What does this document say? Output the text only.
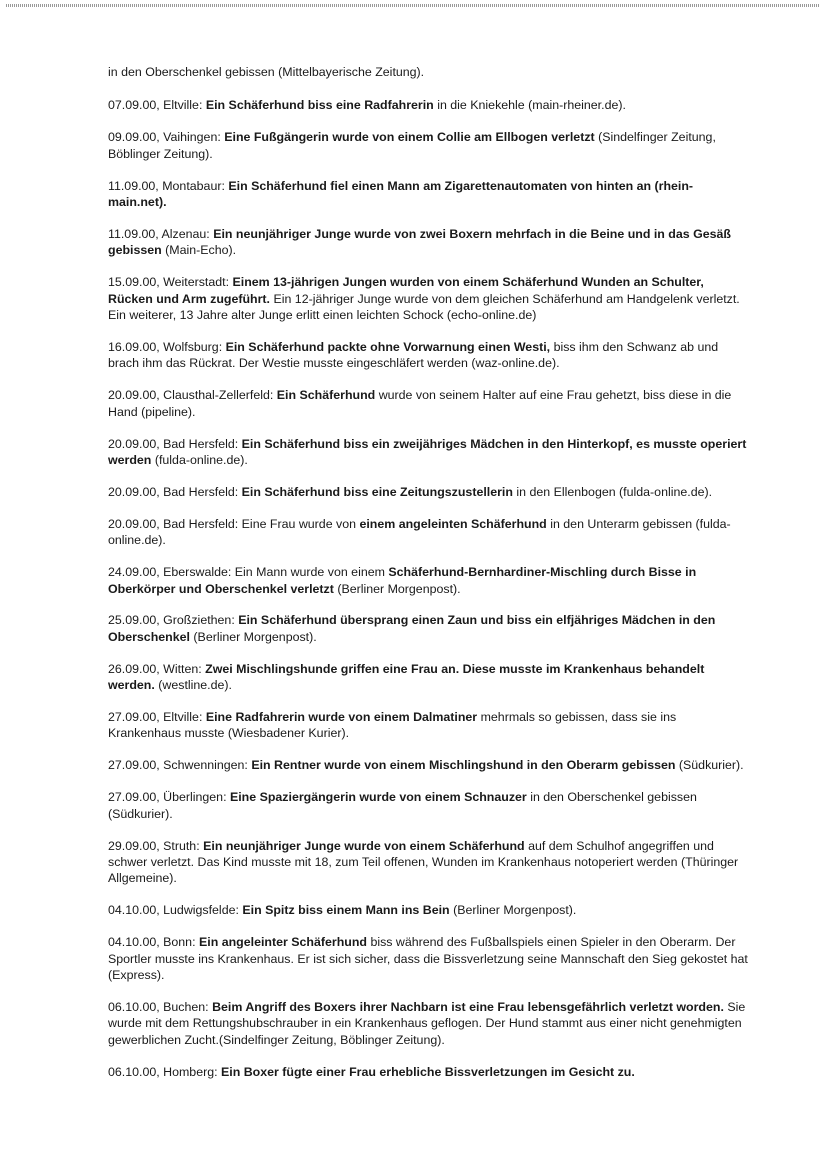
in den Oberschenkel gebissen (Mittelbayerische Zeitung).

07.09.00, Eltville: Ein Schäferhund biss eine Radfahrerin in die Kniekehle (main-rheiner.de).

09.09.00, Vaihingen: Eine Fußgängerin wurde von einem Collie am Ellbogen verletzt (Sindelfinger Zeitung, Böblinger Zeitung).

11.09.00, Montabaur: Ein Schäferhund fiel einen Mann am Zigarettenautomaten von hinten an (rhein-main.net).

11.09.00, Alzenau: Ein neunjähriger Junge wurde von zwei Boxern mehrfach in die Beine und in das Gesäß gebissen (Main-Echo).

15.09.00, Weiterstadt: Einem 13-jährigen Jungen wurden von einem Schäferhund Wunden an Schulter, Rücken und Arm zugeführt. Ein 12-jähriger Junge wurde von dem gleichen Schäferhund am Handgelenk verletzt. Ein weiterer, 13 Jahre alter Junge erlitt einen leichten Schock (echo-online.de)

16.09.00, Wolfsburg: Ein Schäferhund packte ohne Vorwarnung einen Westi, biss ihm den Schwanz ab und brach ihm das Rückrat. Der Westie musste eingeschläfert werden (waz-online.de).

20.09.00, Clausthal-Zellerfeld: Ein Schäferhund wurde von seinem Halter auf eine Frau gehetzt, biss diese in die Hand (pipeline).

20.09.00, Bad Hersfeld: Ein Schäferhund biss ein zweijähriges Mädchen in den Hinterkopf, es musste operiert werden (fulda-online.de).

20.09.00, Bad Hersfeld: Ein Schäferhund biss eine Zeitungszustellerin in den Ellenbogen (fulda-online.de).

20.09.00, Bad Hersfeld: Eine Frau wurde von einem angeleinten Schäferhund in den Unterarm gebissen (fulda-online.de).

24.09.00, Eberswalde: Ein Mann wurde von einem Schäferhund-Bernhardiner-Mischling durch Bisse in Oberkörper und Oberschenkel verletzt (Berliner Morgenpost).

25.09.00, Großziethen: Ein Schäferhund übersprang einen Zaun und biss ein elfjähriges Mädchen in den Oberschenkel (Berliner Morgenpost).

26.09.00, Witten: Zwei Mischlingshunde griffen eine Frau an. Diese musste im Krankenhaus behandelt werden. (westline.de).

27.09.00, Eltville: Eine Radfahrerin wurde von einem Dalmatiner mehrmals so gebissen, dass sie ins Krankenhaus musste (Wiesbadener Kurier).

27.09.00, Schwenningen: Ein Rentner wurde von einem Mischlingshund in den Oberarm gebissen (Südkurier).

27.09.00, Überlingen: Eine Spaziergängerin wurde von einem Schnauzer in den Oberschenkel gebissen (Südkurier).

29.09.00, Struth: Ein neunjähriger Junge wurde von einem Schäferhund auf dem Schulhof angegriffen und schwer verletzt. Das Kind musste mit 18, zum Teil offenen, Wunden im Krankenhaus notoperiert werden (Thüringer Allgemeine).

04.10.00, Ludwigsfelde: Ein Spitz biss einem Mann ins Bein (Berliner Morgenpost).

04.10.00, Bonn: Ein angeleinter Schäferhund biss während des Fußballspiels einen Spieler in den Oberarm. Der Sportler musste ins Krankenhaus. Er ist sich sicher, dass die Bissverletzung seine Mannschaft den Sieg gekostet hat (Express).

06.10.00, Buchen: Beim Angriff des Boxers ihrer Nachbarn ist eine Frau lebensgefährlich verletzt worden. Sie wurde mit dem Rettungshubschrauber in ein Krankenhaus geflogen. Der Hund stammt aus einer nicht genehmigten gewerblichen Zucht.(Sindelfinger Zeitung, Böblinger Zeitung).

06.10.00, Homberg: Ein Boxer fügte einer Frau erhebliche Bissverletzungen im Gesicht zu.
